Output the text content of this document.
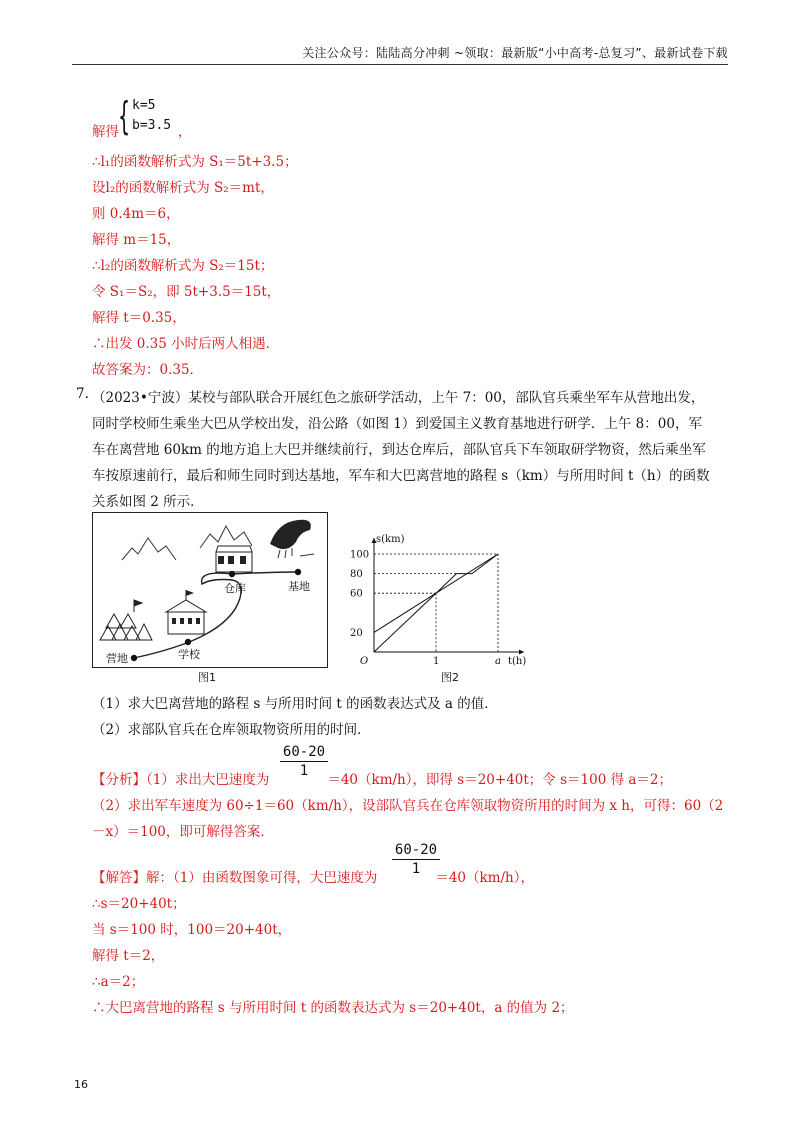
关注公众号：陆陆高分冲刺 ~领取：最新版“小中高考-总复习”、最新试卷下载
解得 { k=5
b=3.5 ，
∴l₁的函数解析式为 S₁＝5t+3.5；
设l₂的函数解析式为 S₂＝mt，
则 0.4m＝6，
解得 m＝15，
∴l₂的函数解析式为 S₂＝15t；
令 S₁＝S₂，即 5t+3.5＝15t，
解得 t＝0.35，
∴出发 0.35 小时后两人相遇．
故答案为：0.35．
7. （2023•宁波）某校与部队联合开展红色之旅研学活动，上午 7：00，部队官兵乘坐军车从营地出发，
同时学校师生乘坐大巴从学校出发，沿公路（如图 1）到爱国主义教育基地进行研学．上午 8：00，军
车在离营地 60km 的地方追上大巴并继续前行，到达仓库后，部队官兵下车领取研学物资，然后乘坐军
车按原速前行，最后和师生同时到达基地，军车和大巴离营地的路程 s（km）与所用时间 t（h）的函数
关系如图 2 所示．
营地	学校
仓库	基地
图1
s(km)
t(h)
O
20
60
80
100
1	a
图2
（1）求大巴离营地的路程 s 与所用时间 t 的函数表达式及 a 的值．
（2）求部队官兵在仓库领取物资所用的时间．
60-20
1
【分析】（1）求出大巴速度为	＝40（km/h），即得 s＝20+40t；令 s＝100 得 a＝2；
（2）求出军车速度为 60÷1＝60（km/h），设部队官兵在仓库领取物资所用的时间为 x h，可得：60（2
－x）＝100，即可解得答案．
60-20
1
【解答】解：（1）由函数图象可得，大巴速度为	＝40（km/h），
∴s＝20+40t；
当 s＝100 时，100＝20+40t，
解得 t＝2，
∴a＝2；
∴大巴离营地的路程 s 与所用时间 t 的函数表达式为 s＝20+40t，a 的值为 2；
16
